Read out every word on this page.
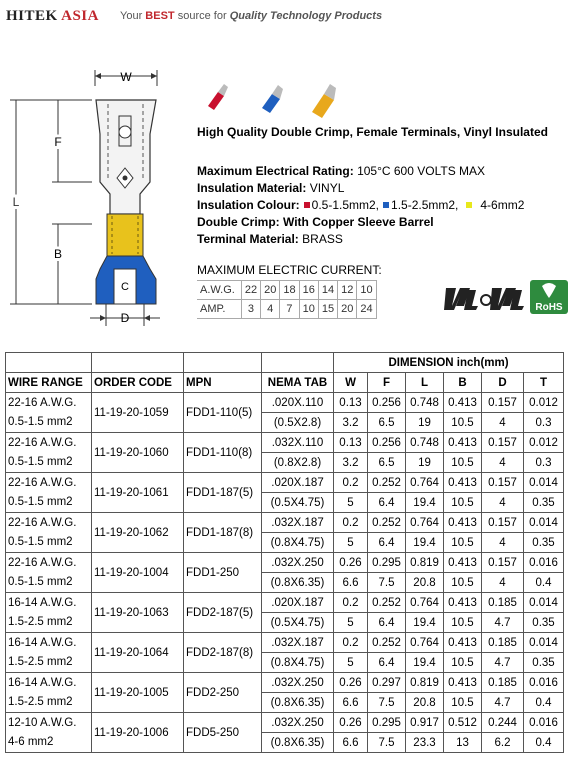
HITEK ASIA Your BEST source for Quality Technology Products
W
L
F
B
C
D
High Quality Double Crimp, Female Terminals, Vinyl Insulated
Maximum Electrical Rating: 105°C 600 VOLTS MAX
Insulation Material: VINYL
Insulation Colour: 0.5-1.5mm2, 1.5-2.5mm2, 4-6mm2
Double Crimp: With Copper Sleeve Barrel
Terminal Material: BRASS
MAXIMUM ELECTRIC CURRENT:
A.W.G.	22	20	18	16	14	12	10
AMP.	3	4	7	10	15	20	24	RoHS
				DIMENSION inch(mm)					
WIRE RANGE	ORDER CODE	MPN	NEMA TAB	W	F	L	B	D	T
22-16 A.W.G.	11-19-20-1059	FDD1-110(5)	.020X.110	0.13	0.256	0.748	0.413	0.157	0.012
0.5-1.5 mm2			(0.5X2.8)	3.2	6.5	19	10.5	4	0.3
22-16 A.W.G.	11-19-20-1060	FDD1-110(8)	.032X.110	0.13	0.256	0.748	0.413	0.157	0.012
0.5-1.5 mm2			(0.8X2.8)	3.2	6.5	19	10.5	4	0.3
22-16 A.W.G.	11-19-20-1061	FDD1-187(5)	.020X.187	0.2	0.252	0.764	0.413	0.157	0.014
0.5-1.5 mm2			(0.5X4.75)	5	6.4	19.4	10.5	4	0.35
22-16 A.W.G.	11-19-20-1062	FDD1-187(8)	.032X.187	0.2	0.252	0.764	0.413	0.157	0.014
0.5-1.5 mm2			(0.8X4.75)	5	6.4	19.4	10.5	4	0.35
22-16 A.W.G.	11-19-20-1004	FDD1-250	.032X.250	0.26	0.295	0.819	0.413	0.157	0.016
0.5-1.5 mm2			(0.8X6.35)	6.6	7.5	20.8	10.5	4	0.4
16-14 A.W.G.	11-19-20-1063	FDD2-187(5)	.020X.187	0.2	0.252	0.764	0.413	0.185	0.014
1.5-2.5 mm2			(0.5X4.75)	5	6.4	19.4	10.5	4.7	0.35
16-14 A.W.G.	11-19-20-1064	FDD2-187(8)	.032X.187	0.2	0.252	0.764	0.413	0.185	0.014
1.5-2.5 mm2			(0.8X4.75)	5	6.4	19.4	10.5	4.7	0.35
16-14 A.W.G.	11-19-20-1005	FDD2-250	.032X.250	0.26	0.297	0.819	0.413	0.185	0.016
1.5-2.5 mm2			(0.8X6.35)	6.6	7.5	20.8	10.5	4.7	0.4
12-10 A.W.G.	11-19-20-1006	FDD5-250	.032X.250	0.26	0.295	0.917	0.512	0.244	0.016
4-6 mm2			(0.8X6.35)	6.6	7.5	23.3	13	6.2	0.4
